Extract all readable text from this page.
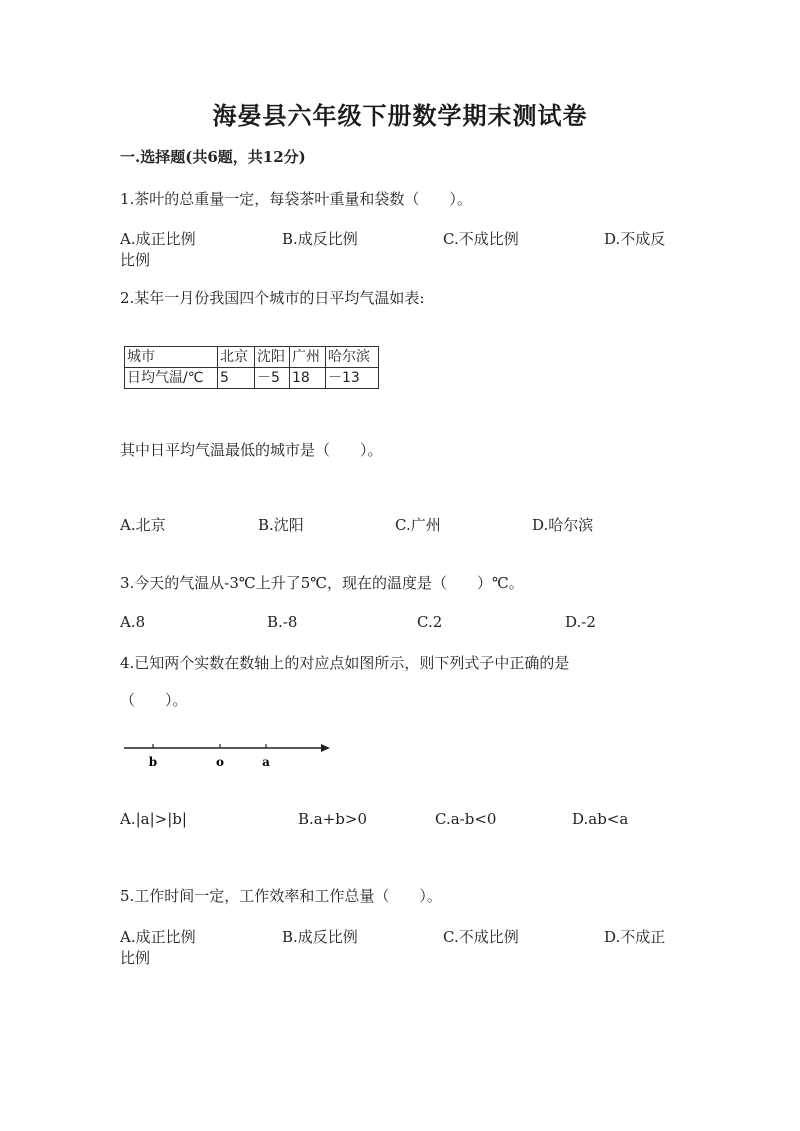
海晏县六年级下册数学期末测试卷
一.选择题(共6题，共12分)
1.茶叶的总重量一定，每袋茶叶重量和袋数（　　）。
A.成正比例	B.成反比例	C.不成比例	D.不成反
比例
2.某年一月份我国四个城市的日平均气温如表:
城市	北京	沈阳	广州	哈尔滨
日均气温/℃	5	－5	18	－13
其中日平均气温最低的城市是（　　）。
A.北京	B.沈阳	C.广州	D.哈尔滨
3.今天的气温从-3℃上升了5℃，现在的温度是（　　）℃。
A.8	B.-8	C.2	D.-2
4.已知两个实数在数轴上的对应点如图所示，则下列式子中正确的是
（　　）。
b	o	a
A.|a|>|b|	B.a+b>0	C.a-b<0	D.ab<a
5.工作时间一定，工作效率和工作总量（　　）。
A.成正比例	B.成反比例	C.不成比例	D.不成正
比例
